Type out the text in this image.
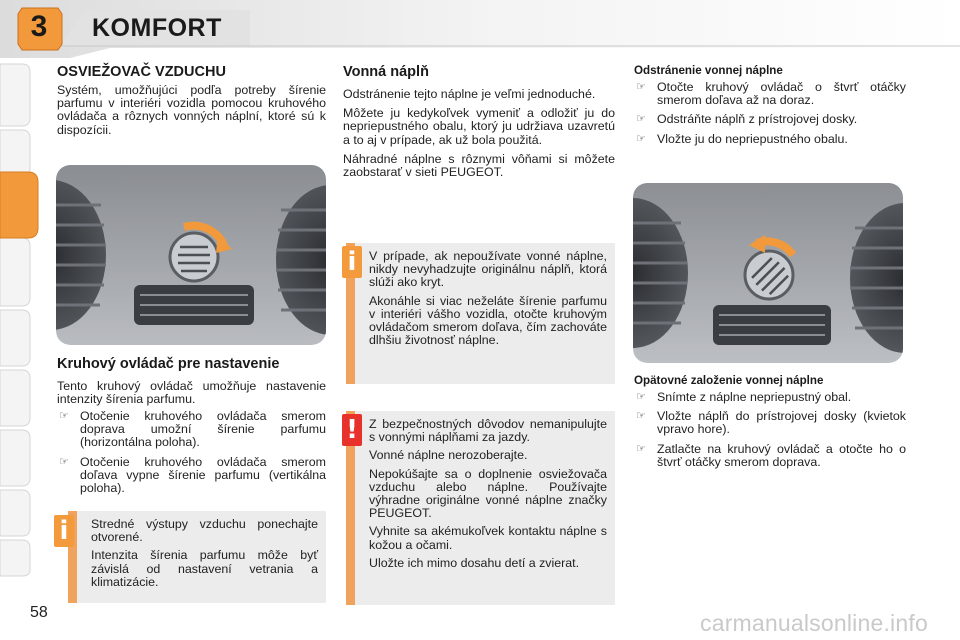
3	KOMFORT
OSVIEŽOVAČ VZDUCHU

Systém, umožňujúci podľa potreby šírenie parfumu v interiéri vozidla pomocou kruhového ovládača a rôznych vonných náplní, ktoré sú k dispozícii.

Kruhový ovládač pre nastavenie

Tento kruhový ovládač umožňuje nastavenie intenzity šírenia parfumu.

☞ Otočenie kruhového ovládača smerom doprava umožní šírenie parfumu (horizontálna poloha).
☞ Otočenie kruhového ovládača smerom doľava vypne šírenie parfumu (vertikálna poloha).

Stredné výstupy vzduchu ponechajte otvorené.

Intenzita šírenia parfumu môže byť závislá od nastavení vetrania a klimatizácie.

i
Vonná náplň

Odstránenie tejto náplne je veľmi jednoduché.

Môžete ju kedykoľvek vymeniť a odložiť ju do nepriepustného obalu, ktorý ju udržiava uzavretú a to aj v prípade, ak už bola použitá.

Náhradné náplne s rôznymi vôňami si môžete zaobstarať v sieti PEUGEOT.

V prípade, ak nepoužívate vonné náplne, nikdy nevyhadzujte originálnu náplň, ktorá slúži ako kryt.

Akonáhle si viac neželáte šírenie parfumu v interiéri vášho vozidla, otočte kruhovým ovládačom smerom doľava, čím zachováte dlhšiu životnosť náplne.

i

Z bezpečnostných dôvodov nemanipulujte s vonnými náplňami za jazdy.

Vonné náplne nerozoberajte.

Nepokúšajte sa o doplnenie osviežovača vzduchu alebo náplne. Používajte výhradne originálne vonné náplne značky PEUGEOT.

Vyhnite sa akémukoľvek kontaktu náplne s kožou a očami.

Uložte ich mimo dosahu detí a zvierat.

!
Odstránenie vonnej náplne
☞ Otočte kruhový ovládač o štvrť otáčky smerom doľava až na doraz.
☞ Odstráňte náplň z prístrojovej dosky.
☞ Vložte ju do nepriepustného obalu.
Opätovné založenie vonnej náplne
☞ Snímte z náplne nepriepustný obal.
☞ Vložte náplň do prístrojovej dosky (kvietok vpravo hore).
☞ Zatlačte na kruhový ovládač a otočte ho o štvrť otáčky smerom doprava.
58	carmanualsonline.info
